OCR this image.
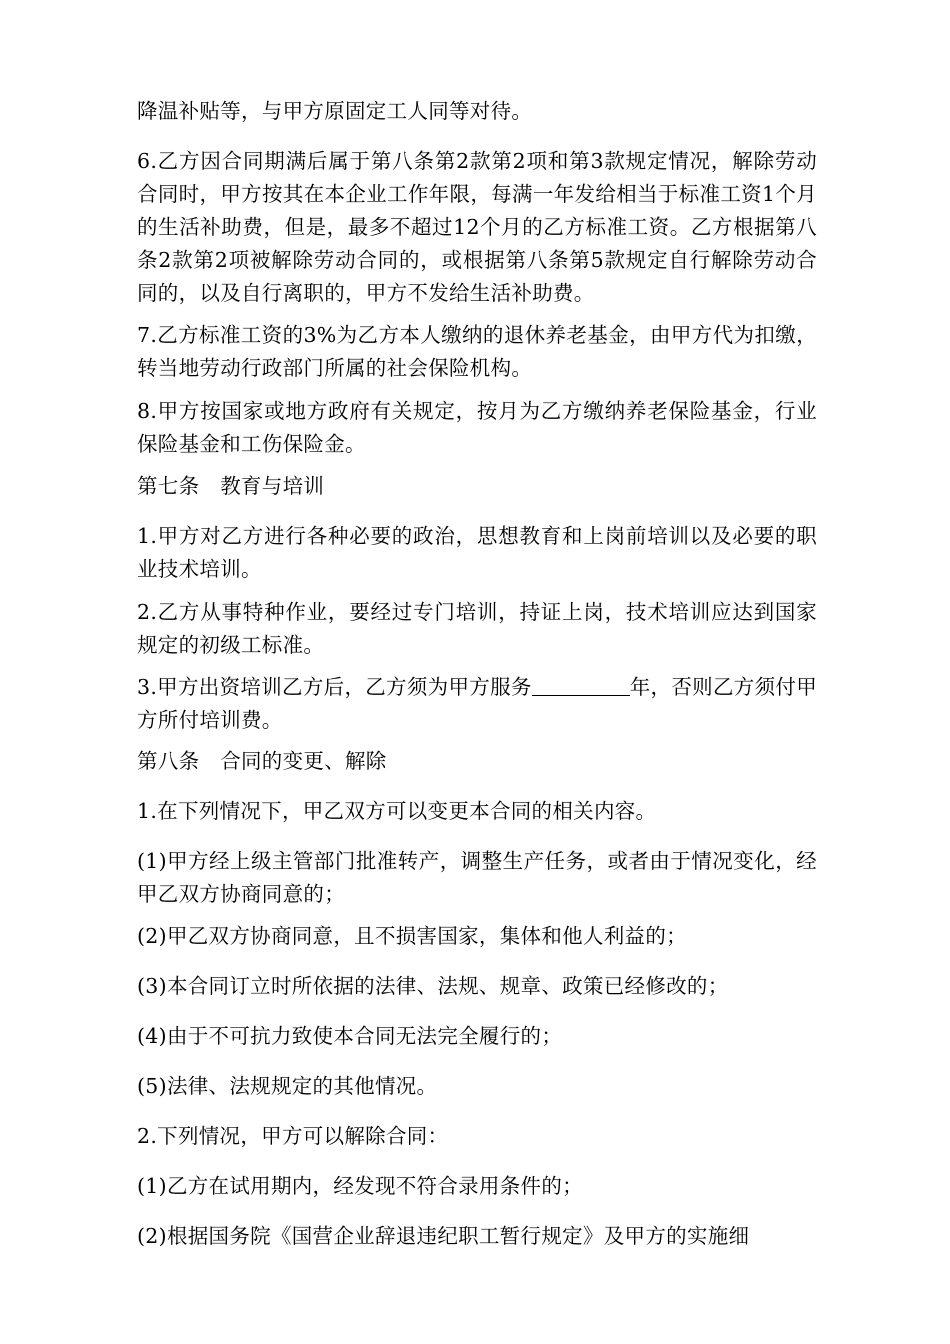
降温补贴等，与甲方原固定工人同等对待。

6.乙方因合同期满后属于第八条第2款第2项和第3款规定情况，解除劳动合同时，甲方按其在本企业工作年限，每满一年发给相当于标准工资1个月的生活补助费，但是，最多不超过12个月的乙方标准工资。乙方根据第八条2款第2项被解除劳动合同的，或根据第八条第5款规定自行解除劳动合同的，以及自行离职的，甲方不发给生活补助费。

7.乙方标准工资的3%为乙方本人缴纳的退休养老基金，由甲方代为扣缴，转当地劳动行政部门所属的社会保险机构。

8.甲方按国家或地方政府有关规定，按月为乙方缴纳养老保险基金，行业保险基金和工伤保险金。

第七条　教育与培训

1.甲方对乙方进行各种必要的政治，思想教育和上岗前培训以及必要的职业技术培训。

2.乙方从事特种作业，要经过专门培训，持证上岗，技术培训应达到国家规定的初级工标准。

3.甲方出资培训乙方后，乙方须为甲方服务	年，否则乙方须付甲方所付培训费。

第八条　合同的变更、解除

1.在下列情况下，甲乙双方可以变更本合同的相关内容。

(1)甲方经上级主管部门批准转产，调整生产任务，或者由于情况变化，经甲乙双方协商同意的；

(2)甲乙双方协商同意，且不损害国家，集体和他人利益的；

(3)本合同订立时所依据的法律、法规、规章、政策已经修改的；

(4)由于不可抗力致使本合同无法完全履行的；

(5)法律、法规规定的其他情况。

2.下列情况，甲方可以解除合同：

(1)乙方在试用期内，经发现不符合录用条件的；

(2)根据国务院《国营企业辞退违纪职工暂行规定》及甲方的实施细
